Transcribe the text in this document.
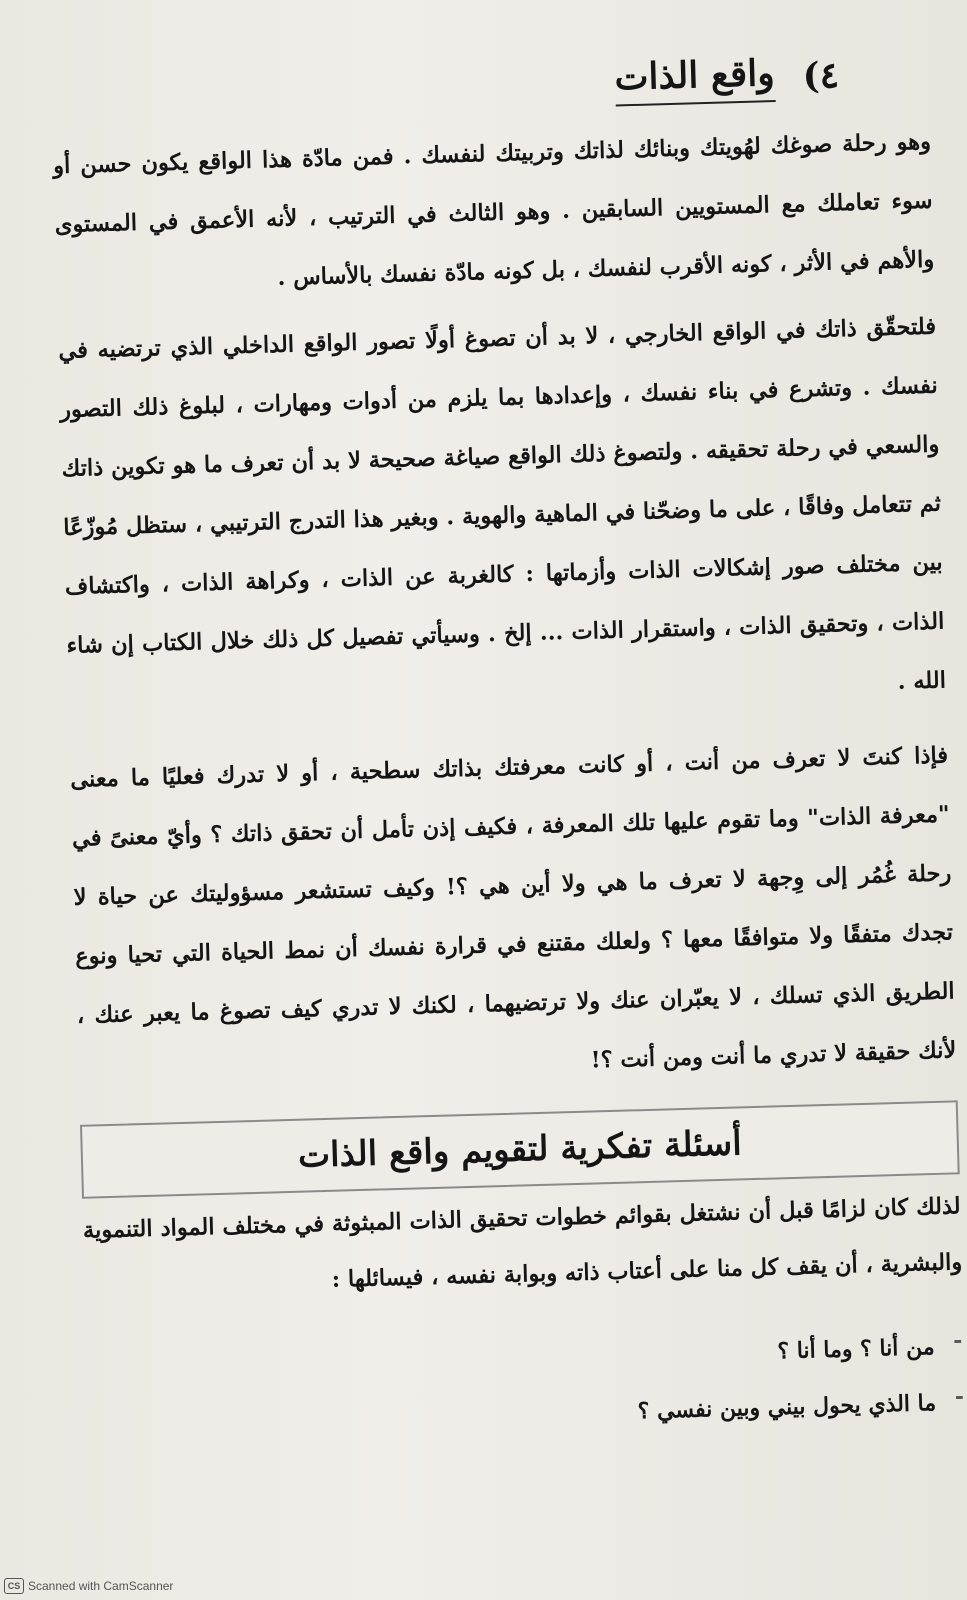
٤)
واقع الذات

وهو رحلة صوغك لهُويتك وبنائك لذاتك وتربيتك لنفسك . فمن مادّة هذا الواقع يكون حسن أو سوء تعاملك مع المستويين السابقين . وهو الثالث في الترتيب ، لأنه الأعمق في المستوى والأهم في الأثر ، كونه الأقرب لنفسك ، بل كونه مادّة نفسك بالأساس .

فلتحقّق ذاتك في الواقع الخارجي ، لا بد أن تصوغ أولًا تصور الواقع الداخلي الذي ترتضيه في نفسك . وتشرع في بناء نفسك ، وإعدادها بما يلزم من أدوات ومهارات ، لبلوغ ذلك التصور والسعي في رحلة تحقيقه . ولتصوغ ذلك الواقع صياغة صحيحة لا بد أن تعرف ما هو تكوين ذاتك ثم تتعامل وفاقًا ، على ما وضحّنا في الماهية والهوية . وبغير هذا التدرج الترتيبي ، ستظل مُوزّعًا بين مختلف صور إشكالات الذات وأزماتها : كالغربة عن الذات ، وكراهة الذات ، واكتشاف الذات ، وتحقيق الذات ، واستقرار الذات ... إلخ . وسيأتي تفصيل كل ذلك خلال الكتاب إن شاء الله .

فإذا كنتَ لا تعرف من أنت ، أو كانت معرفتك بذاتك سطحية ، أو لا تدرك فعليًا ما معنى "معرفة الذات" وما تقوم عليها تلك المعرفة ، فكيف إذن تأمل أن تحقق ذاتك ؟ وأيّ معنىً في رحلة غُمُر إلى وِجهة لا تعرف ما هي ولا أين هي ؟! وكيف تستشعر مسؤوليتك عن حياة لا تجدك متفقًا ولا متوافقًا معها ؟ ولعلك مقتنع في قرارة نفسك أن نمط الحياة التي تحيا ونوع الطريق الذي تسلك ، لا يعبّران عنك ولا ترتضيهما ، لكنك لا تدري كيف تصوغ ما يعبر عنك ، لأنك حقيقة لا تدري ما أنت ومن أنت ؟!

أسئلة تفكرية لتقويم واقع الذات

لذلك كان لزامًا قبل أن نشتغل بقوائم خطوات تحقيق الذات المبثوثة في مختلف المواد التنموية والبشرية ، أن يقف كل منا على أعتاب ذاته وبوابة نفسه ، فيسائلها :

- من أنا ؟ وما أنا ؟
- ما الذي يحول بيني وبين نفسي ؟
CS Scanned with CamScanner
